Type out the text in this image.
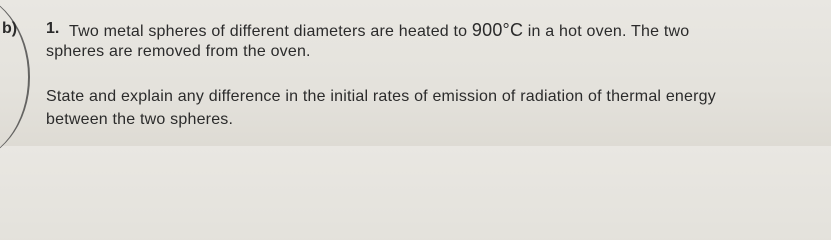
b) 1. Two metal spheres of different diameters are heated to 900°C in a hot oven. The two
spheres are removed from the oven.
State and explain any difference in the initial rates of emission of radiation of thermal energy
between the two spheres.
